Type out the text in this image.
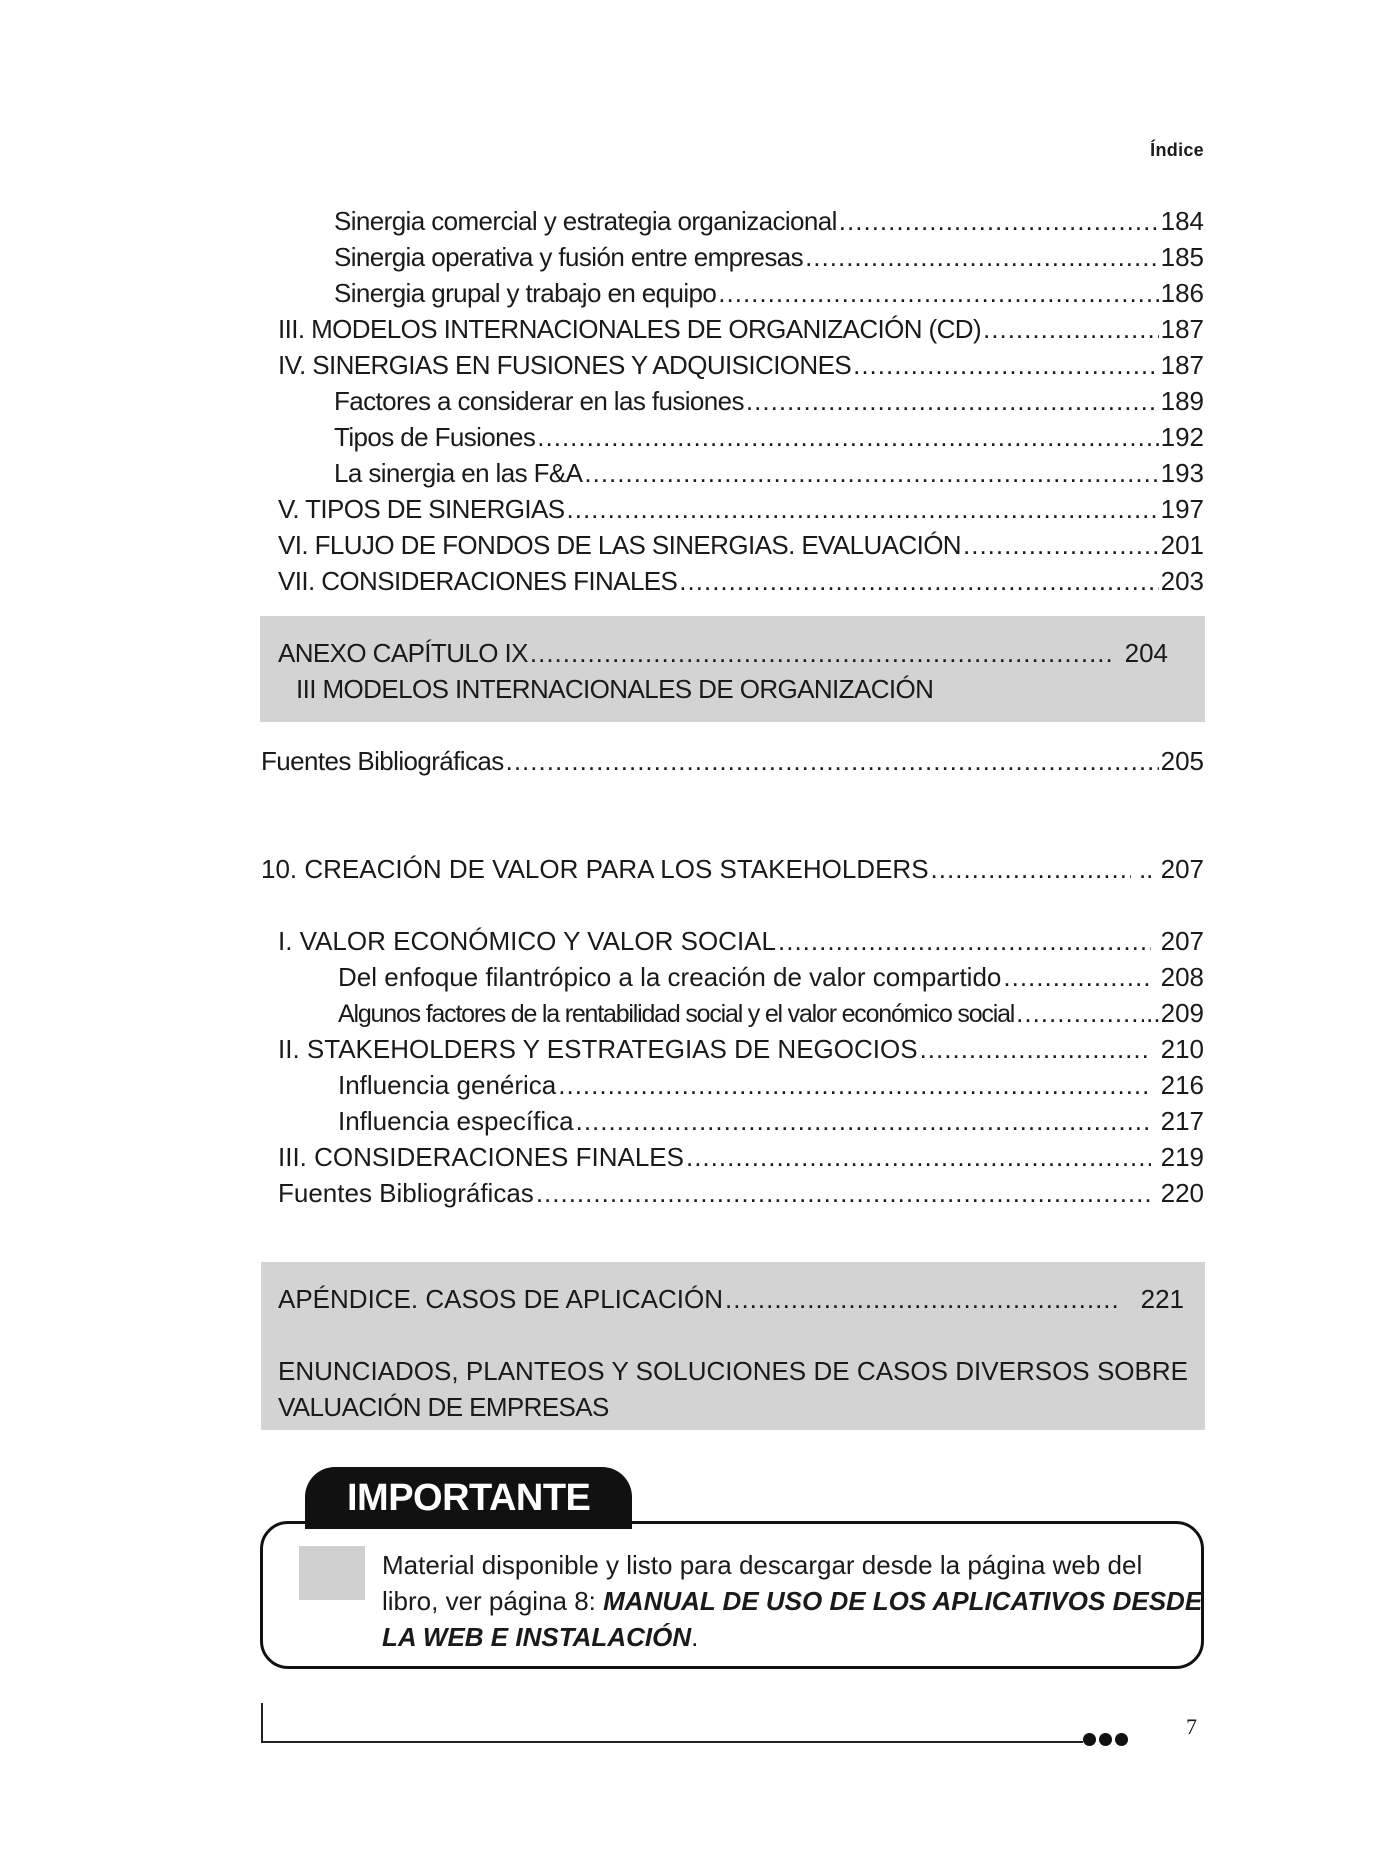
Índice
Sinergia comercial y estrategia organizacional .....	184
Sinergia operativa y fusión entre empresas .....	185
Sinergia grupal y trabajo en equipo .....	186
III. MODELOS INTERNACIONALES DE ORGANIZACIÓN (CD) .....	187
IV. SINERGIAS EN FUSIONES Y ADQUISICIONES .....	187
Factores a considerar en las fusiones .....	189
Tipos de Fusiones .....	192
La sinergia en las F&A .....	193
V. TIPOS DE SINERGIAS .....	197
VI. FLUJO DE FONDOS DE LAS SINERGIAS. EVALUACIÓN .....	201
VII. CONSIDERACIONES FINALES .....	203
ANEXO CAPÍTULO IX .....	204
III MODELOS INTERNACIONALES DE ORGANIZACIÓN
Fuentes Bibliográficas .....	205
10. CREACIÓN DE VALOR PARA LOS STAKEHOLDERS .....	.. 207
I. VALOR ECONÓMICO Y VALOR SOCIAL .....	207
Del enfoque filantrópico a la creación de valor compartido .....	208
Algunos factores de la rentabilidad social y el valor económico social .....	..209
II. STAKEHOLDERS Y ESTRATEGIAS DE NEGOCIOS .....	210
Influencia genérica .....	216
Influencia específica .....	217
III. CONSIDERACIONES FINALES .....	219
Fuentes Bibliográficas .....	220
APÉNDICE. CASOS DE APLICACIÓN .....	221
ENUNCIADOS, PLANTEOS Y SOLUCIONES DE CASOS DIVERSOS SOBRE
VALUACIÓN DE EMPRESAS
IMPORTANTE
Material disponible y listo para descargar desde la página web del
libro, ver página 8: MANUAL DE USO DE LOS APLICATIVOS DESDE
LA WEB E INSTALACIÓN.
7
